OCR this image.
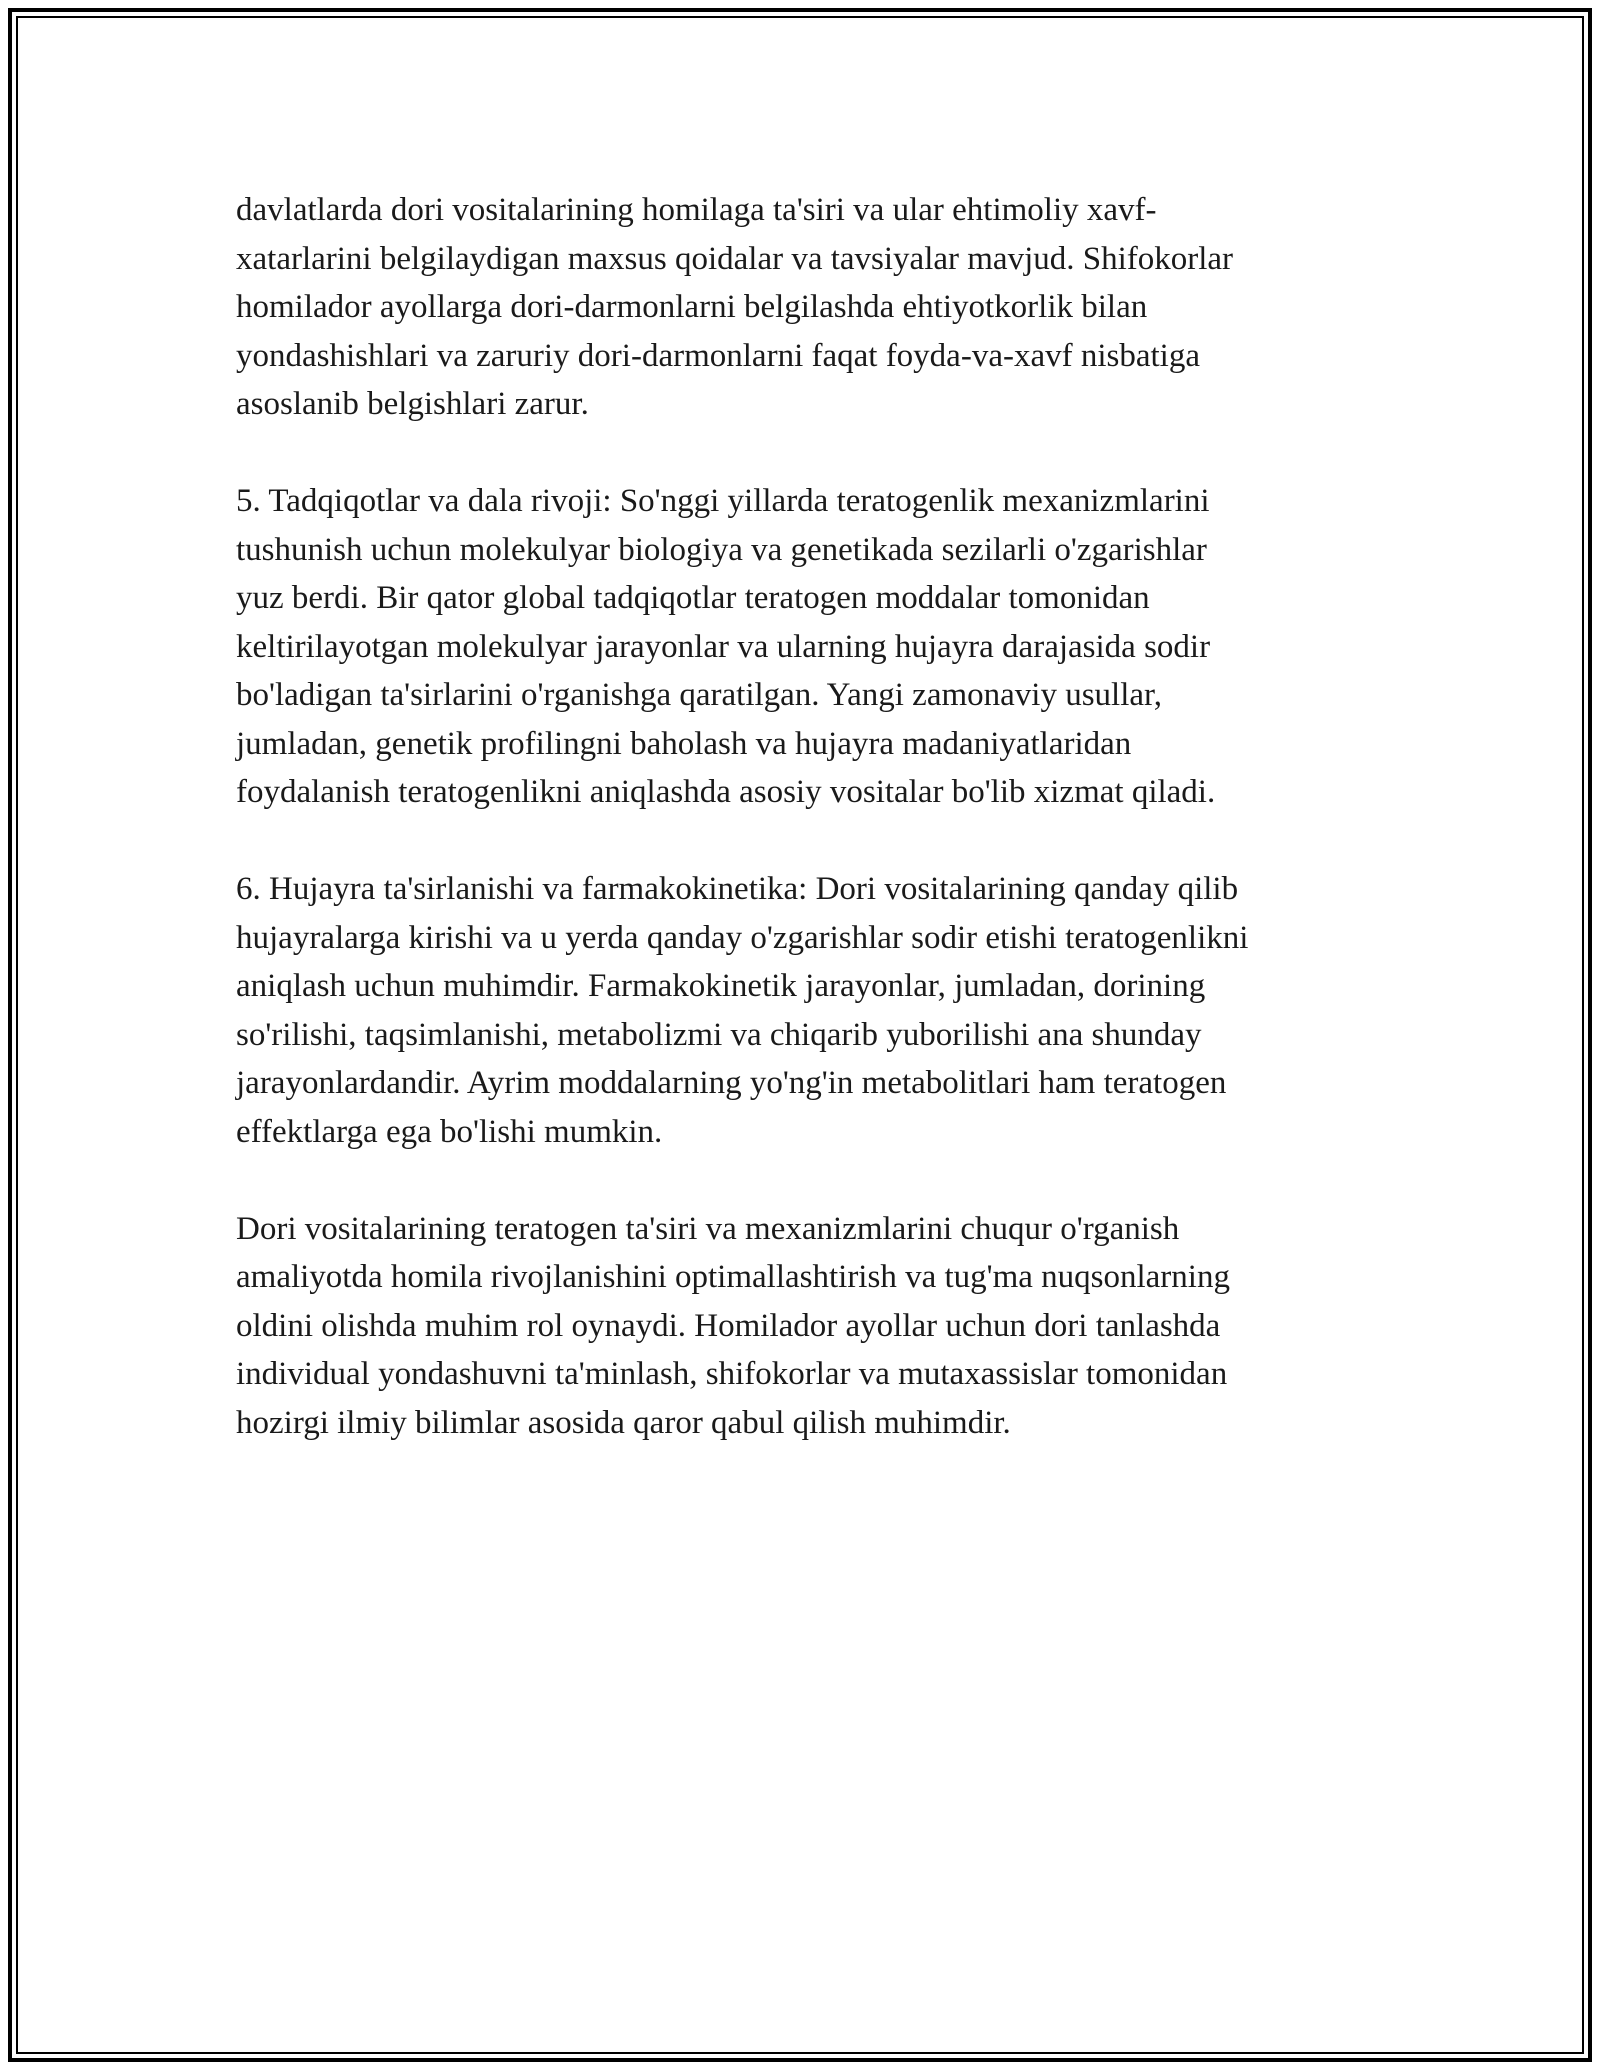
davlatlarda dori vositalarining homilaga ta'siri va ular ehtimoliy xavf-
xatarlarini belgilaydigan maxsus qoidalar va tavsiyalar mavjud. Shifokorlar
homilador ayollarga dori-darmonlarni belgilashda ehtiyotkorlik bilan
yondashishlari va zaruriy dori-darmonlarni faqat foyda-va-xavf nisbatiga
asoslanib belgishlari zarur.

5. Tadqiqotlar va dala rivoji: So'nggi yillarda teratogenlik mexanizmlarini
tushunish uchun molekulyar biologiya va genetikada sezilarli o'zgarishlar
yuz berdi. Bir qator global tadqiqotlar teratogen moddalar tomonidan
keltirilayotgan molekulyar jarayonlar va ularning hujayra darajasida sodir
bo'ladigan ta'sirlarini o'rganishga qaratilgan. Yangi zamonaviy usullar,
jumladan, genetik profilingni baholash va hujayra madaniyatlaridan
foydalanish teratogenlikni aniqlashda asosiy vositalar bo'lib xizmat qiladi.

6. Hujayra ta'sirlanishi va farmakokinetika: Dori vositalarining qanday qilib
hujayralarga kirishi va u yerda qanday o'zgarishlar sodir etishi teratogenlikni
aniqlash uchun muhimdir. Farmakokinetik jarayonlar, jumladan, dorining
so'rilishi, taqsimlanishi, metabolizmi va chiqarib yuborilishi ana shunday
jarayonlardandir. Ayrim moddalarning yo'ng'in metabolitlari ham teratogen
effektlarga ega bo'lishi mumkin.

Dori vositalarining teratogen ta'siri va mexanizmlarini chuqur o'rganish
amaliyotda homila rivojlanishini optimallashtirish va tug'ma nuqsonlarning
oldini olishda muhim rol oynaydi. Homilador ayollar uchun dori tanlashda
individual yondashuvni ta'minlash, shifokorlar va mutaxassislar tomonidan
hozirgi ilmiy bilimlar asosida qaror qabul qilish muhimdir.
